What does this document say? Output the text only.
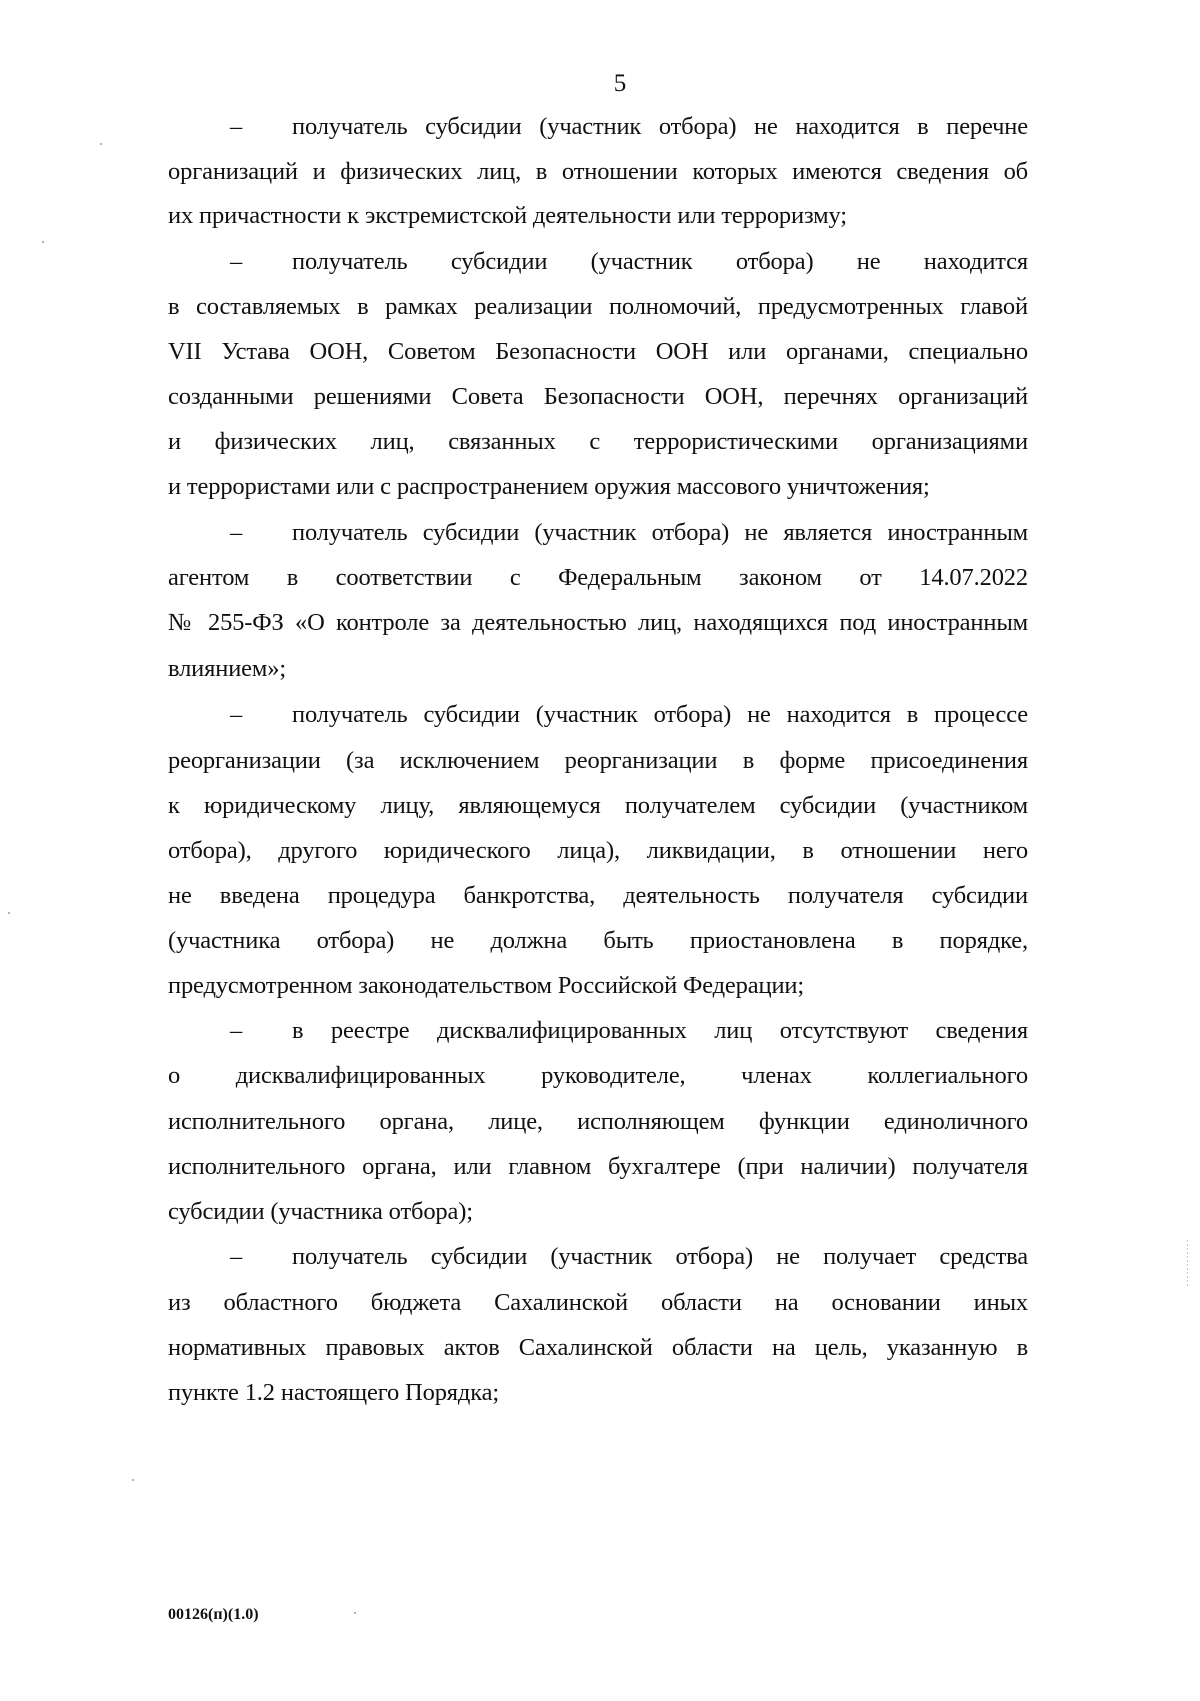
5
– получатель субсидии (участник отбора) не находится в перечне
организаций и физических лиц, в отношении которых имеются сведения об
их причастности к экстремистской деятельности или терроризму;
– получатель субсидии (участник отбора) не находится
в составляемых в рамках реализации полномочий, предусмотренных главой
VII Устава ООН, Советом Безопасности ООН или органами, специально
созданными решениями Совета Безопасности ООН, перечнях организаций
и физических лиц, связанных с террористическими организациями
и террористами или с распространением оружия массового уничтожения;
– получатель субсидии (участник отбора) не является иностранным
агентом в соответствии с Федеральным законом от 14.07.2022
№ 255-ФЗ «О контроле за деятельностью лиц, находящихся под иностранным
влиянием»;
– получатель субсидии (участник отбора) не находится в процессе
реорганизации (за исключением реорганизации в форме присоединения
к юридическому лицу, являющемуся получателем субсидии (участником
отбора), другого юридического лица), ликвидации, в отношении него
не введена процедура банкротства, деятельность получателя субсидии
(участника отбора) не должна быть приостановлена в порядке,
предусмотренном законодательством Российской Федерации;
– в реестре дисквалифицированных лиц отсутствуют сведения
о дисквалифицированных руководителе, членах коллегиального
исполнительного органа, лице, исполняющем функции единоличного
исполнительного органа, или главном бухгалтере (при наличии) получателя
субсидии (участника отбора);
– получатель субсидии (участник отбора) не получает средства
из областного бюджета Сахалинской области на основании иных
нормативных правовых актов Сахалинской области на цель, указанную в
пункте 1.2 настоящего Порядка;
00126(п)(1.0)
